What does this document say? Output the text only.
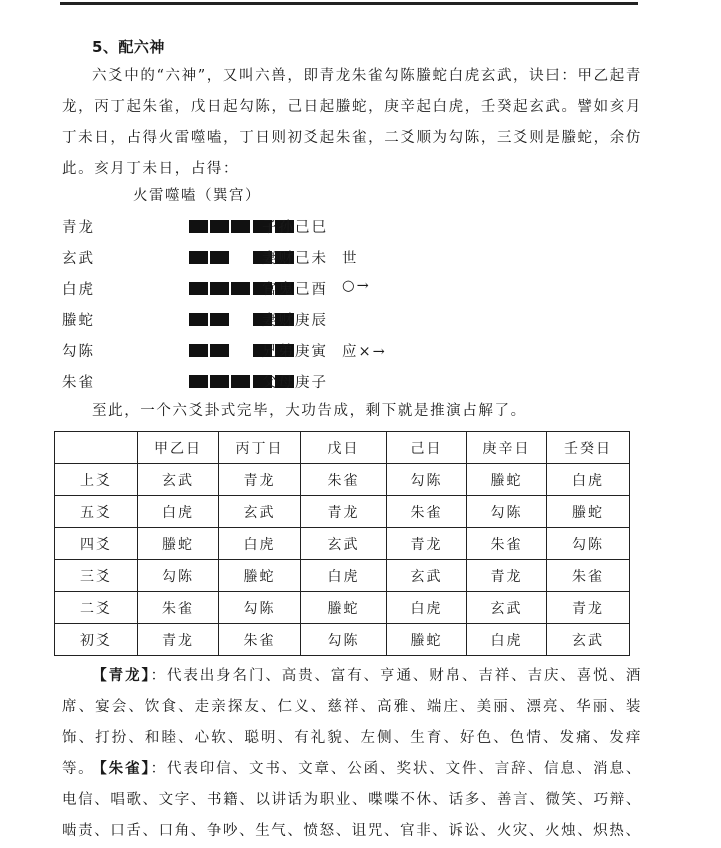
5、配六神
六爻中的“六神”，又叫六兽，即青龙朱雀勾陈螣蛇白虎玄武，诀曰：甲乙起青龙，丙丁起朱雀，戊日起勾陈，己日起螣蛇，庚辛起白虎，壬癸起玄武。譬如亥月丁未日，占得火雷噬嗑，丁日则初爻起朱雀，二爻顺为勾陈，三爻则是螣蛇，余仿此。亥月丁未日，占得：
火雷噬嗑（巽宫）
青龙	子孙己巳
玄武	妻财己未 世
白虎	官鬼己酉 ○→
螣蛇	妻财庚辰
勾陈	兄弟庚寅 应×→
朱雀	父母庚子
至此，一个六爻卦式完毕，大功告成，剩下就是推演占解了。
	甲乙日	丙丁日	戊日	己日	庚辛日	壬癸日
上爻	玄武	青龙	朱雀	勾陈	螣蛇	白虎
五爻	白虎	玄武	青龙	朱雀	勾陈	螣蛇
四爻	螣蛇	白虎	玄武	青龙	朱雀	勾陈
三爻	勾陈	螣蛇	白虎	玄武	青龙	朱雀
二爻	朱雀	勾陈	螣蛇	白虎	玄武	青龙
初爻	青龙	朱雀	勾陈	螣蛇	白虎	玄武
【青龙】：代表出身名门、高贵、富有、亨通、财帛、吉祥、吉庆、喜悦、酒席、宴会、饮食、走亲探友、仁义、慈祥、高雅、端庄、美丽、漂亮、华丽、装饰、打扮、和睦、心软、聪明、有礼貌、左侧、生育、好色、色情、发痛、发痒等。
【朱雀】：代表印信、文书、文章、公函、奖状、文件、言辞、信息、消息、电信、唱歌、文字、书籍、以讲话为职业、喋喋不休、话多、善言、微笑、巧辩、啮责、口舌、口角、争吵、生气、愤怒、诅咒、官非、诉讼、火灾、火烛、炽热、
